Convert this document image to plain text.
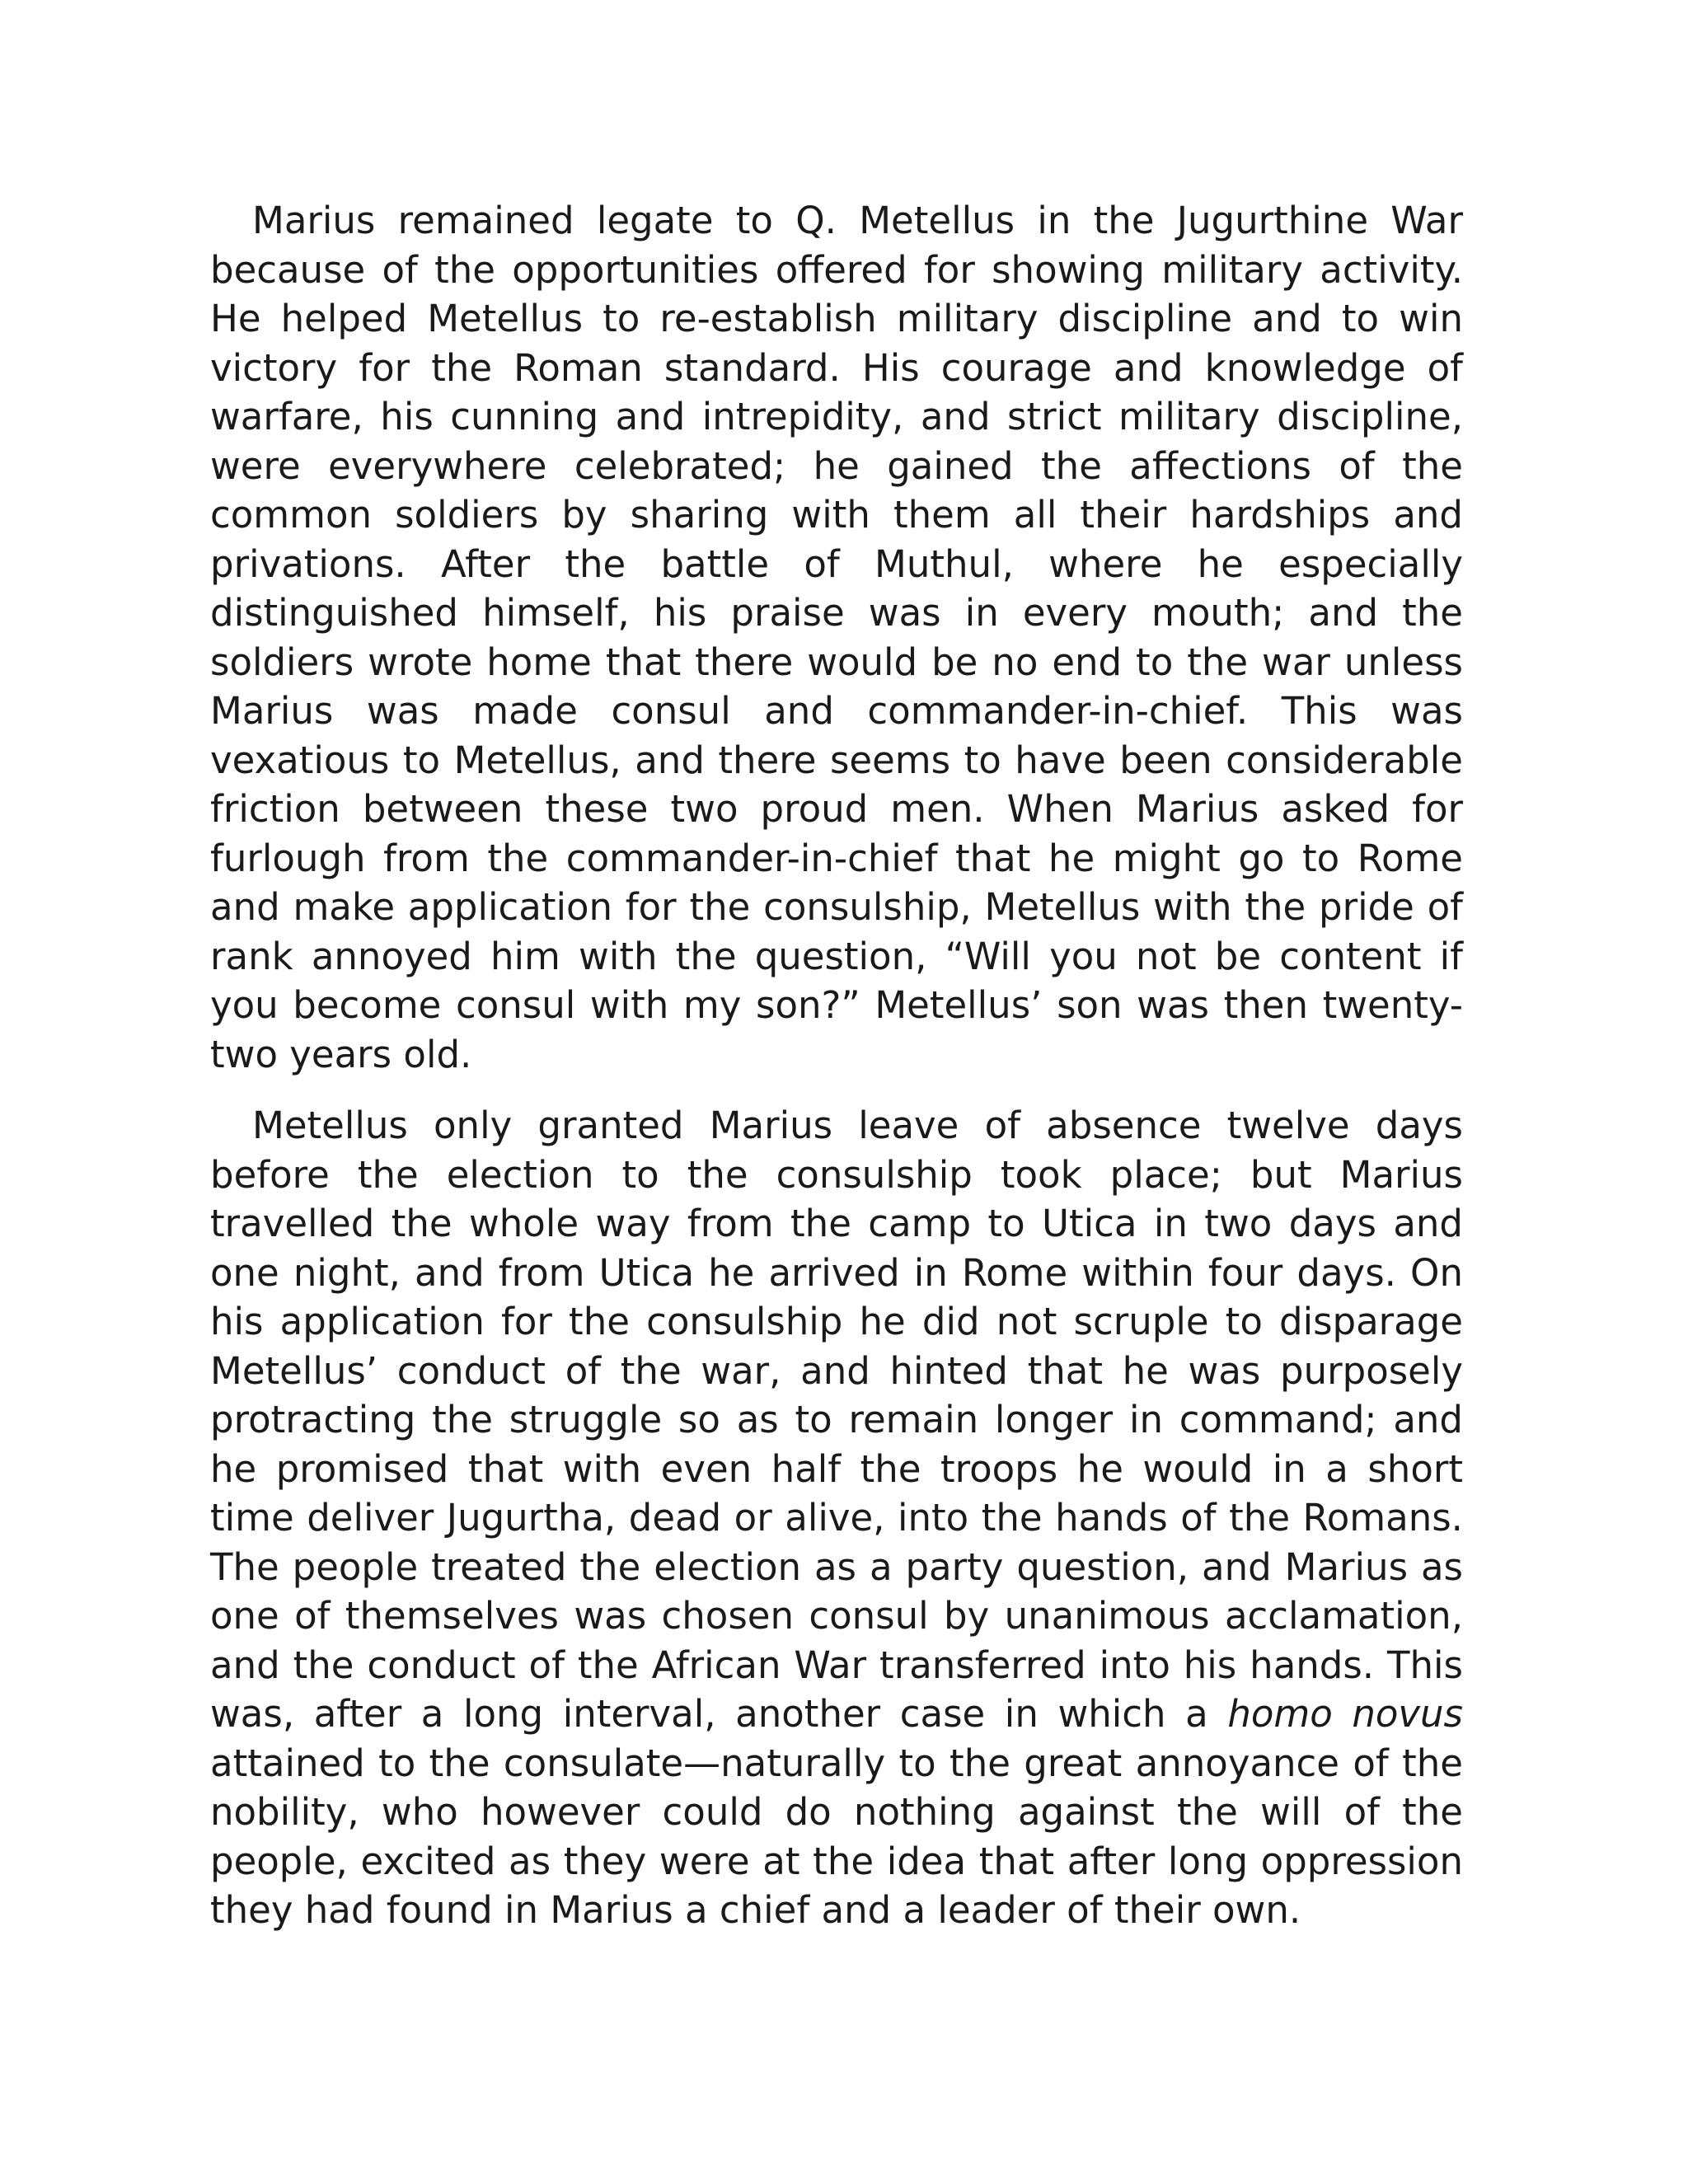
Marius remained legate to Q. Metellus in the Jugurthine War because of the opportunities offered for showing military activity. He helped Metellus to re-establish military discipline and to win victory for the Roman standard. His courage and knowledge of warfare, his cunning and intrepidity, and strict military discipline, were everywhere celebrated; he gained the affections of the common soldiers by sharing with them all their hardships and privations. After the battle of Muthul, where he especially distinguished himself, his praise was in every mouth; and the soldiers wrote home that there would be no end to the war unless Marius was made consul and commander-in-chief. This was vexatious to Metellus, and there seems to have been considerable friction between these two proud men. When Marius asked for furlough from the commander-in-chief that he might go to Rome and make application for the consulship, Metellus with the pride of rank annoyed him with the question, “Will you not be content if you become consul with my son?” Metellus’ son was then twenty-two years old.

Metellus only granted Marius leave of absence twelve days before the election to the consulship took place; but Marius travelled the whole way from the camp to Utica in two days and one night, and from Utica he arrived in Rome within four days. On his application for the consulship he did not scruple to disparage Metellus’ conduct of the war, and hinted that he was purposely protracting the struggle so as to remain longer in command; and he promised that with even half the troops he would in a short time deliver Jugurtha, dead or alive, into the hands of the Romans. The people treated the election as a party question, and Marius as one of themselves was chosen consul by unanimous acclamation, and the conduct of the African War transferred into his hands. This was, after a long interval, another case in which a homo novus attained to the consulate—naturally to the great annoyance of the nobility, who however could do nothing against the will of the people, excited as they were at the idea that after long oppression they had found in Marius a chief and a leader of their own.
